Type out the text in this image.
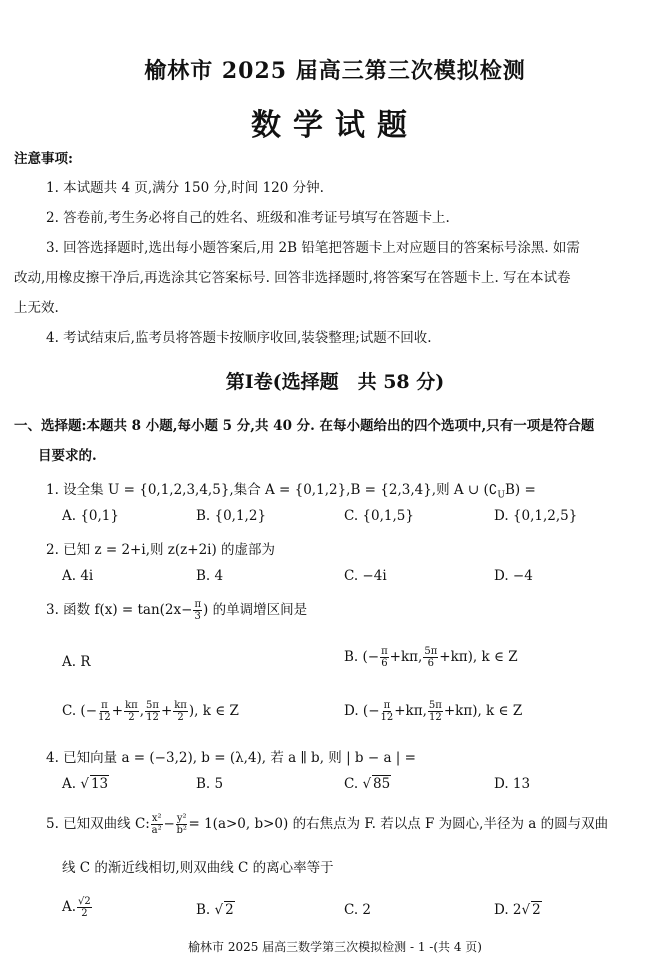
榆林市 2025 届高三第三次模拟检测
数学试题
注意事项:
1. 本试题共 4 页,满分 150 分,时间 120 分钟.
2. 答卷前,考生务必将自己的姓名、班级和准考证号填写在答题卡上.
3. 回答选择题时,选出每小题答案后,用 2B 铅笔把答题卡上对应题目的答案标号涂黑. 如需
改动,用橡皮擦干净后,再选涂其它答案标号. 回答非选择题时,将答案写在答题卡上. 写在本试卷
上无效.
4. 考试结束后,监考员将答题卡按顺序收回,装袋整理;试题不回收.
第Ⅰ卷(选择题　共 58 分)
一、选择题:本题共 8 小题,每小题 5 分,共 40 分. 在每小题给出的四个选项中,只有一项是符合题
目要求的.
1. 设全集 U = {0,1,2,3,4,5},集合 A = {0,1,2},B = {2,3,4},则 A ∪ $(∁_UB)$ =
A. {0,1}	B. {0,1,2}	C. {0,1,5}	D. {0,1,2,5}
2. 已知 z = 2+i,则 z(z+2i) 的虚部为
A. 4i	B. 4	C. −4i	D. −4
3. 函数 $f(x) = \tan(2x- \frac{\pi}{3}$ ) 的单调增区间是
A. R	B. (− $\frac{\pi}{6} +k\pi$, $\frac{5\pi}{6} +k\pi$), k ∈ Z
C. (− $\frac{\pi}{12} + \frac{k\pi}{2}$ , $\frac{5\pi}{12} + \frac{k\pi}{2}$ ), k ∈ Z	D. (− $\frac{\pi}{12} +k\pi$, $\frac{5\pi}{12} +k\pi$), k ∈ Z
4. 已知向量 a = (−3,2), b = (λ,4), 若 a ∥ b, 则 | b − a | =
A. √ 13	B. 5	C. √ 85	D. 13
5. 已知双曲线 C: $\frac{\text{x²}}{\text{a²}} - \frac{\text{y²}}{\text{b²}} = 1(a>0$, b>0) 的右焦点为 F. 若以点 F 为圆心,半径为 a 的圆与双曲
线 C 的渐近线相切,则双曲线 C 的离心率等于
A. $\frac{√2}{2}$	B. √ 2	C. 2	D. 2√ 2
榆林市 2025 届高三数学第三次模拟检测 - 1 -(共 4 页)
